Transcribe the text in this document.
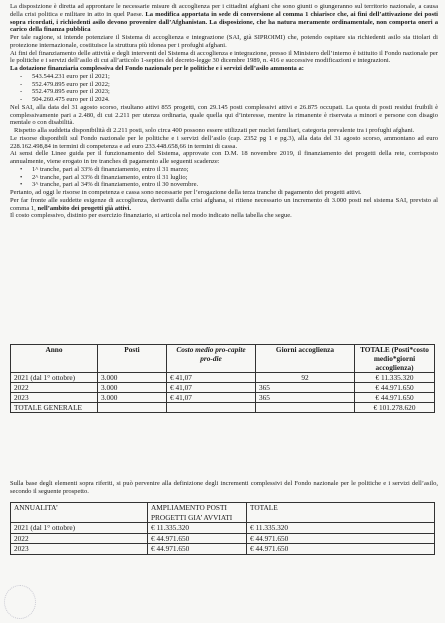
La disposizione è diretta ad approntare le necessarie misure di accoglienza per i cittadini afghani che sono giunti o giungeranno sul territorio nazionale, a causa della crisi politica e militare in atto in quel Paese. La modifica apportata in sede di conversione al comma 1 chiarisce che, ai fini dell’attivazione dei posti sopra ricordati, i richiedenti asilo devono provenire dall’Afghanistan. La disposizione, che ha natura meramente ordinamentale, non comporta oneri a carico della finanza pubblica

Per tale ragione, si intende potenziare il Sistema di accoglienza e integrazione (SAI, già SIPROIMI) che, potendo ospitare sia richiedenti asilo sia titolari di protezione internazionale, costituisce la struttura più idonea per i profughi afghani.

Ai fini del finanziamento delle attività e degli interventi del Sistema di accoglienza e integrazione, presso il Ministero dell’interno è istituito il Fondo nazionale per le politiche e i servizi dell’asilo di cui all’articolo 1-septies del decreto-legge 30 dicembre 1989, n. 416 e successive modificazioni e integrazioni.

La dotazione finanziaria complessiva del Fondo nazionale per le politiche e i servizi dell’asilo ammonta a:

- 543.544.231 euro per il 2021;
- 552.479.895 euro per il 2022;
- 552.479.895 euro per il 2023;
- 504.260.475 euro per il 2024.

Nel SAI, alla data del 31 agosto scorso, risultano attivi 855 progetti, con 29.145 posti complessivi attivi e 26.875 occupati. La quota di posti residui fruibili è complessivamente pari a 2.480, di cui 2.211 per utenza ordinaria, quale quella qui d’interesse, mentre la rimanente è riservata a minori e persone con disagio mentale o con disabilità.

Rispetto alla suddetta disponibilità di 2.211 posti, solo circa 400 possono essere utilizzati per nuclei familiari, categoria prevalente tra i profughi afghani.

Le risorse disponibili sul Fondo nazionale per le politiche e i servizi dell’asilo (cap. 2352 pg 1 e pg.3), alla data del 31 agosto scorso, ammontano ad euro 228.162.498,84 in termini di competenza e ad euro 233.448.658,66 in termini di cassa.

Ai sensi delle Linee guida per il funzionamento del Sistema, approvate con D.M. 18 novembre 2019, il finanziamento dei progetti della rete, corrisposto annualmente, viene erogato in tre tranches di pagamento alle seguenti scadenze:

• 1^ tranche, pari al 33% di finanziamento, entro il 31 marzo;
• 2^ tranche, pari al 33% di finanziamento, entro il 31 luglio;
• 3^ tranche, pari al 34% di finanziamento, entro il 30 novembre.

Pertanto, ad oggi le risorse in competenza e cassa sono necessarie per l’erogazione della terza tranche di pagamento dei progetti attivi.

Per far fronte alle suddette esigenze di accoglienza, derivanti dalla crisi afghana, si ritiene necessario un incremento di 3.000 posti nel sistema SAI, previsto al comma 1, nell’ambito dei progetti già attivi.

Il costo complessivo, distinto per esercizio finanziario, si articola nel modo indicato nella tabella che segue.

Anno	Posti	Costo medio pro-capite pro-die	Giorni accoglienza	TOTALE (Posti*costo medio*giorni accoglienza)
2021 (dal 1° ottobre)	3.000	€ 41,07	92	€ 11.335.320
2022	3.000	€ 41,07	365	€ 44.971.650
2023	3.000	€ 41,07	365	€ 44.971.650
TOTALE GENERALE				€ 101.278.620

Sulla base degli elementi sopra riferiti, si può pervenire alla definizione degli incrementi complessivi del Fondo nazionale per le politiche e i servizi dell’asilo, secondo il seguente prospetto.

ANNUALITA’	AMPLIAMENTO POSTI PROGETTI GIA’ AVVIATI	TOTALE
2021 (dal 1° ottobre)	€ 11.335.320	€ 11.335.320
2022	€ 44.971.650	€ 44.971.650
2023	€ 44.971.650	€ 44.971.650
